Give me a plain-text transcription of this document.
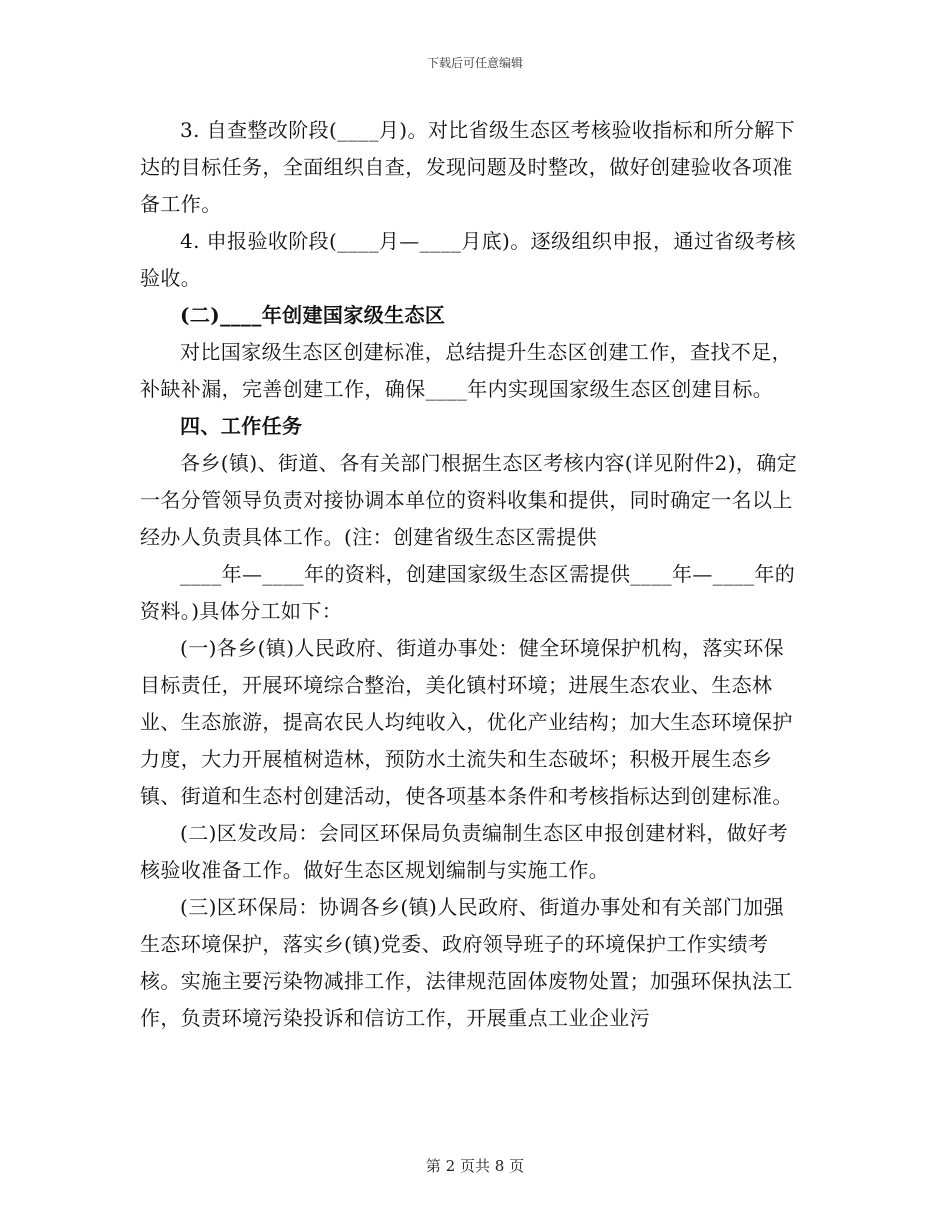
下载后可任意编辑

3. 自查整改阶段(____月)。对比省级生态区考核验收指标和所分解下达的目标任务，全面组织自查，发现问题及时整改，做好创建验收各项准备工作。

4. 申报验收阶段(____月—____月底)。逐级组织申报，通过省级考核验收。

(二)____年创建国家级生态区

对比国家级生态区创建标准，总结提升生态区创建工作，查找不足，补缺补漏，完善创建工作，确保____年内实现国家级生态区创建目标。

四、工作任务

各乡(镇)、街道、各有关部门根据生态区考核内容(详见附件2)，确定一名分管领导负责对接协调本单位的资料收集和提供，同时确定一名以上经办人负责具体工作。(注：创建省级生态区需提供

____年—____年的资料，创建国家级生态区需提供____年—____年的资料。)具体分工如下：

(一)各乡(镇)人民政府、街道办事处：健全环境保护机构，落实环保目标责任，开展环境综合整治，美化镇村环境；进展生态农业、生态林业、生态旅游，提高农民人均纯收入，优化产业结构；加大生态环境保护力度，大力开展植树造林，预防水土流失和生态破坏；积极开展生态乡镇、街道和生态村创建活动，使各项基本条件和考核指标达到创建标准。

(二)区发改局：会同区环保局负责编制生态区申报创建材料，做好考核验收准备工作。做好生态区规划编制与实施工作。

(三)区环保局：协调各乡(镇)人民政府、街道办事处和有关部门加强生态环境保护，落实乡(镇)党委、政府领导班子的环境保护工作实绩考核。实施主要污染物减排工作，法律规范固体废物处置；加强环保执法工作，负责环境污染投诉和信访工作，开展重点工业企业污

第 2 页共 8 页
